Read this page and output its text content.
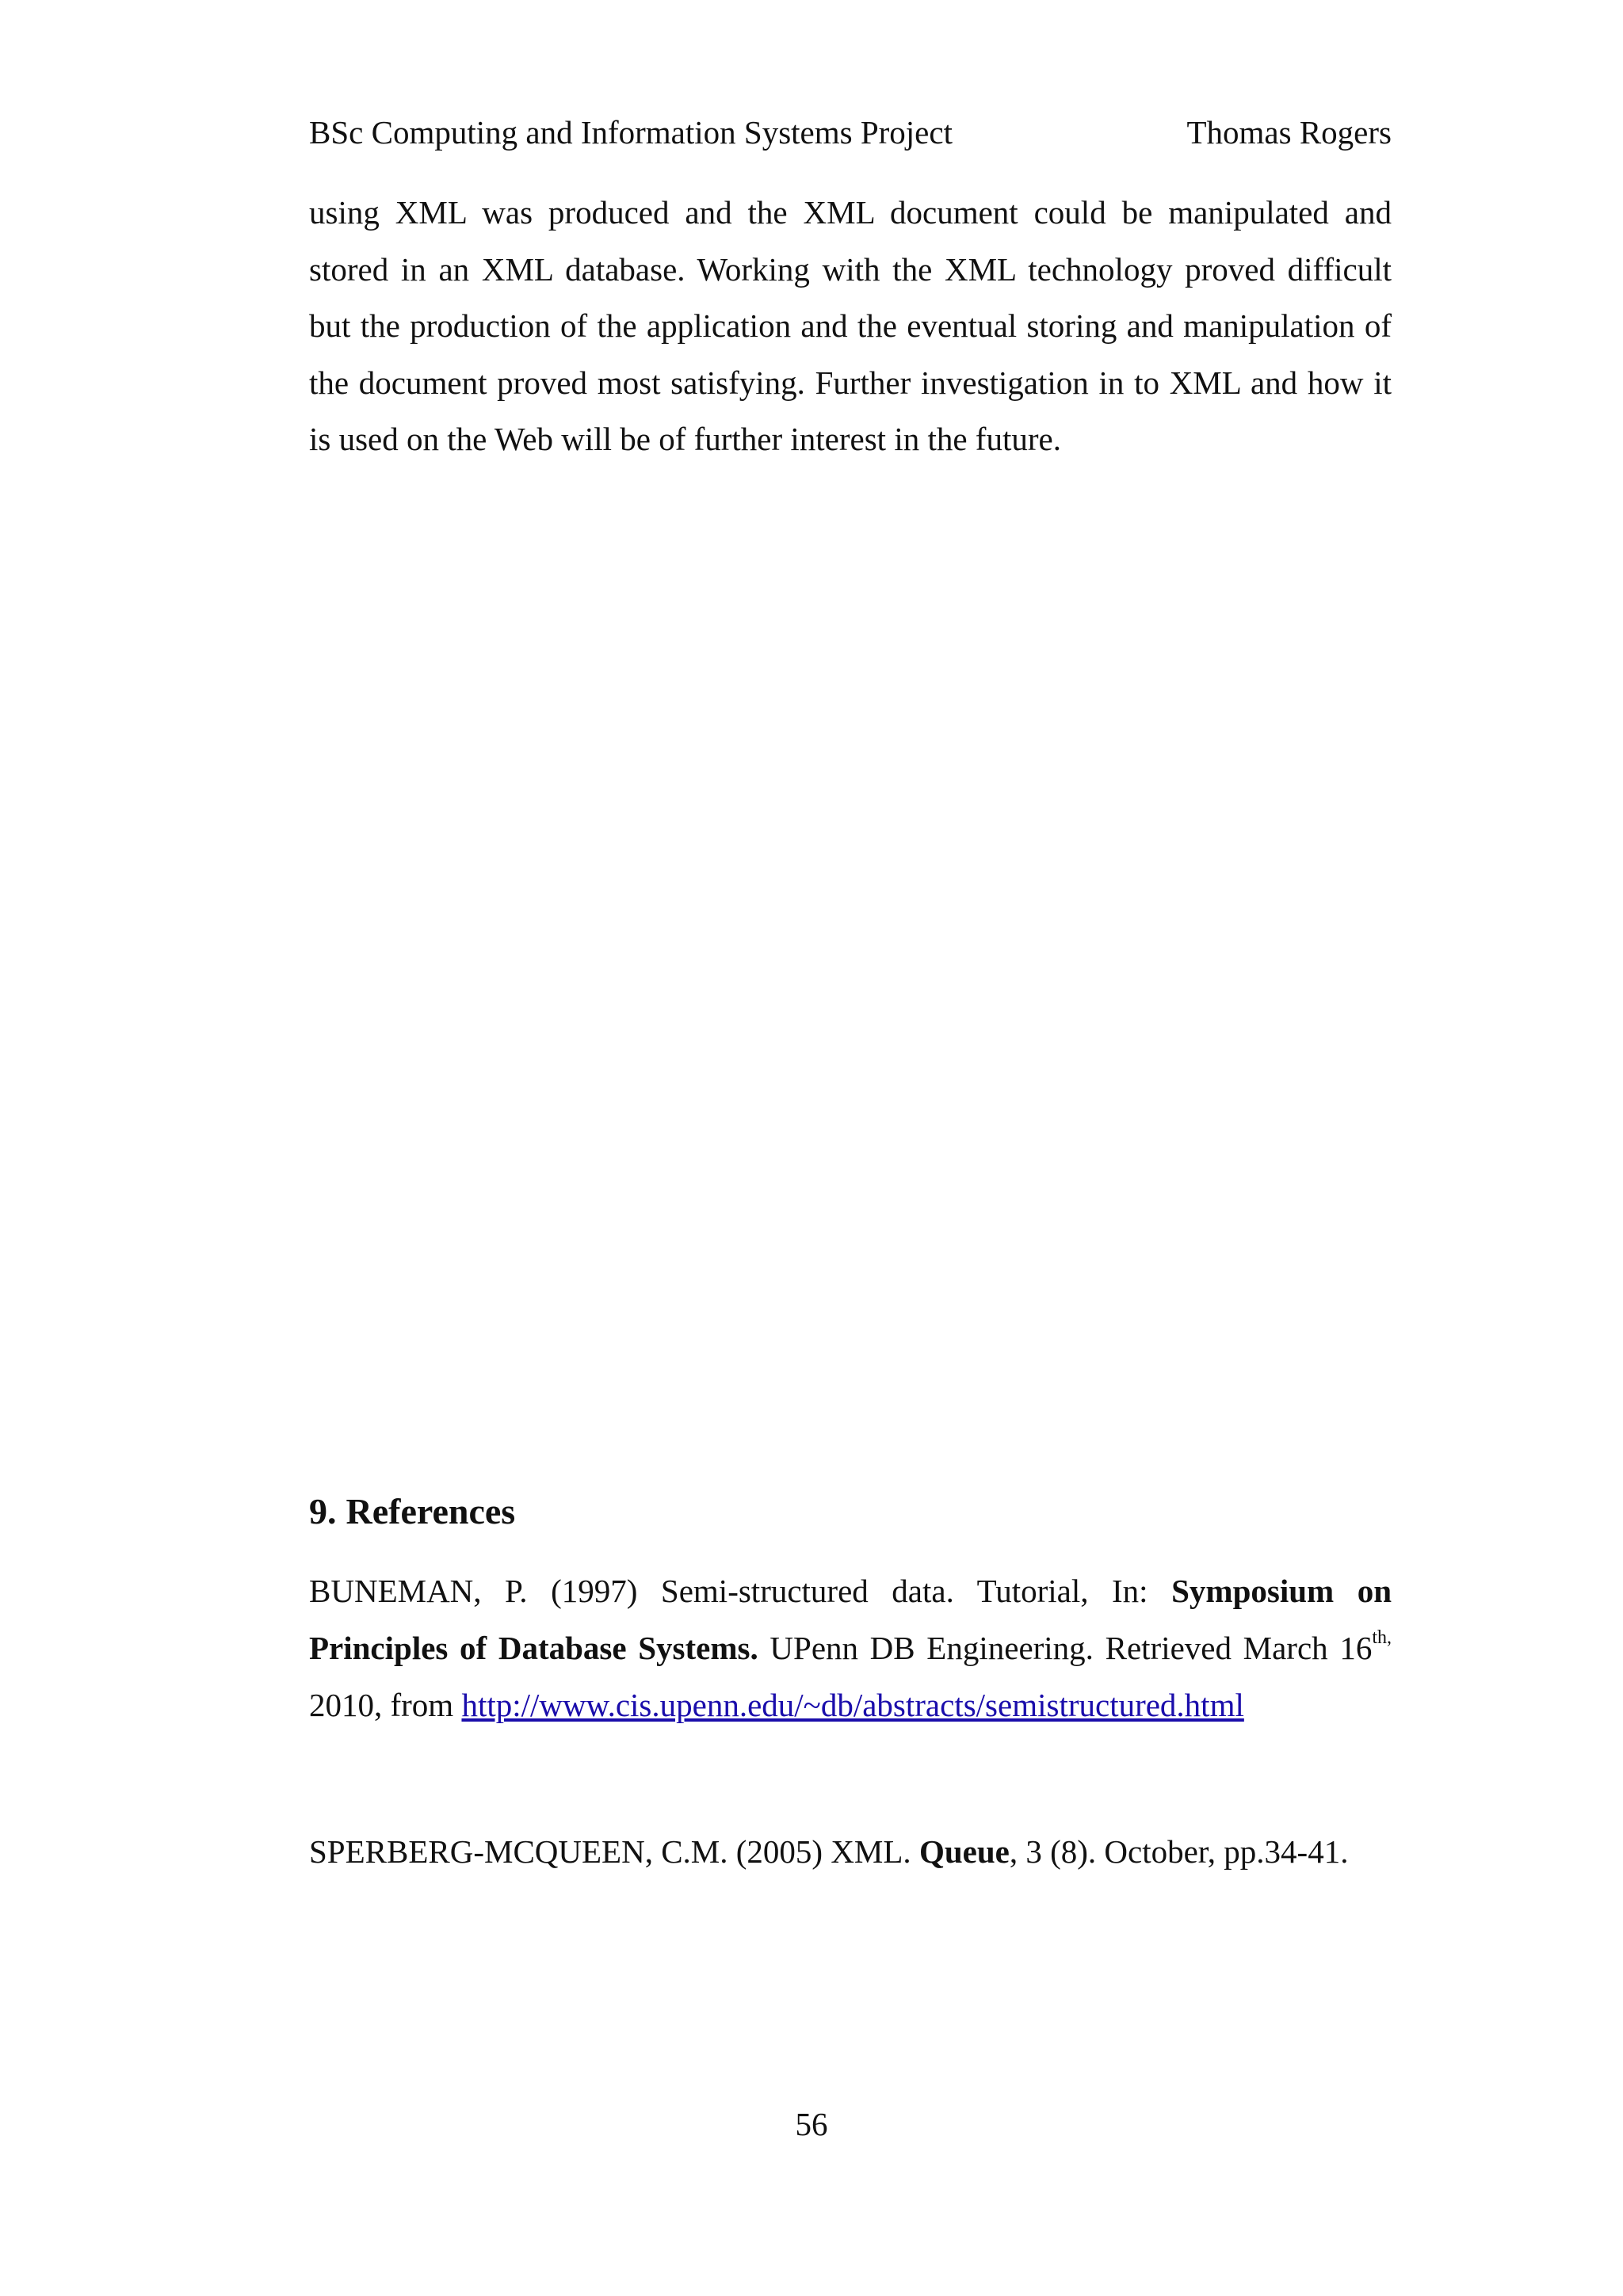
BSc Computing and Information Systems Project	Thomas Rogers
using XML was produced and the XML document could be manipulated and
stored in an XML database. Working with the XML technology proved difficult
but the production of the application and the eventual storing and manipulation of
the document proved most satisfying. Further investigation in to XML and how it
is used on the Web will be of further interest in the future.
9. References
BUNEMAN, P. (1997) Semi-structured data. Tutorial, In: Symposium on
Principles of Database Systems. UPenn DB Engineering. Retrieved March $16^{th,}$
2010, from http://www.cis.upenn.edu/~db/abstracts/semistructured.html
SPERBERG-MCQUEEN, C.M. (2005) XML. Queue, 3 (8). October, pp.34-41.
56
